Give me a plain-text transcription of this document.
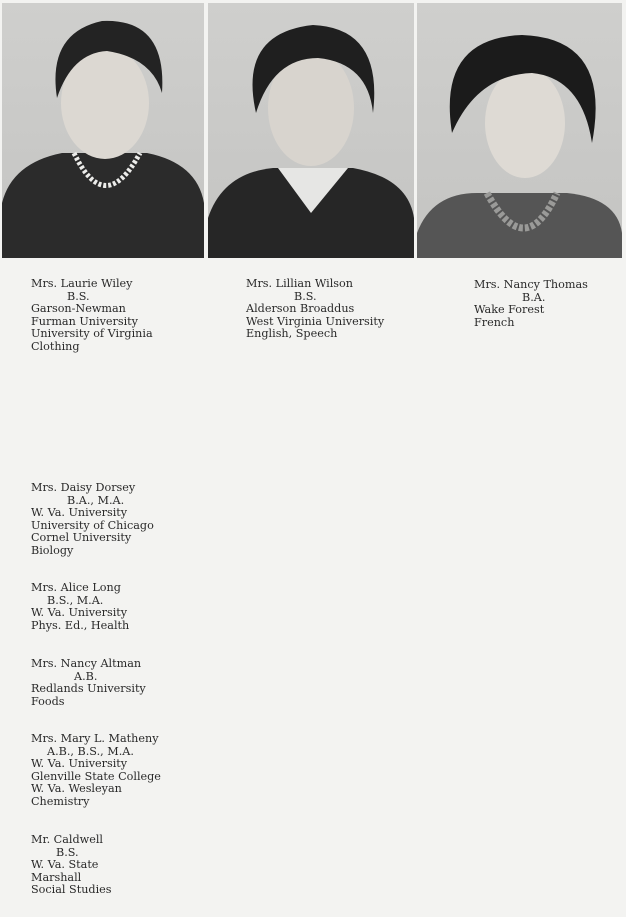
Mrs. Laurie Wiley
B.S.
Garson-Newman
Furman University
University of Virginia
Clothing
Mrs. Lillian Wilson
B.S.
Alderson Broaddus
West Virginia University
English, Speech
Mrs. Nancy Thomas
B.A.
Wake Forest
French
Mrs. Daisy Dorsey
B.A., M.A.
W. Va. University
University of Chicago
Cornel University
Biology
Mrs. Alice Long
B.S., M.A.
W. Va. University
Phys. Ed., Health
Mrs. Nancy Altman
A.B.
Redlands University
Foods
Mrs. Mary L. Matheny
A.B., B.S., M.A.
W. Va. University
Glenville State College
W. Va. Wesleyan
Chemistry
Mr. Caldwell
B.S.
W. Va. State
Marshall
Social Studies
